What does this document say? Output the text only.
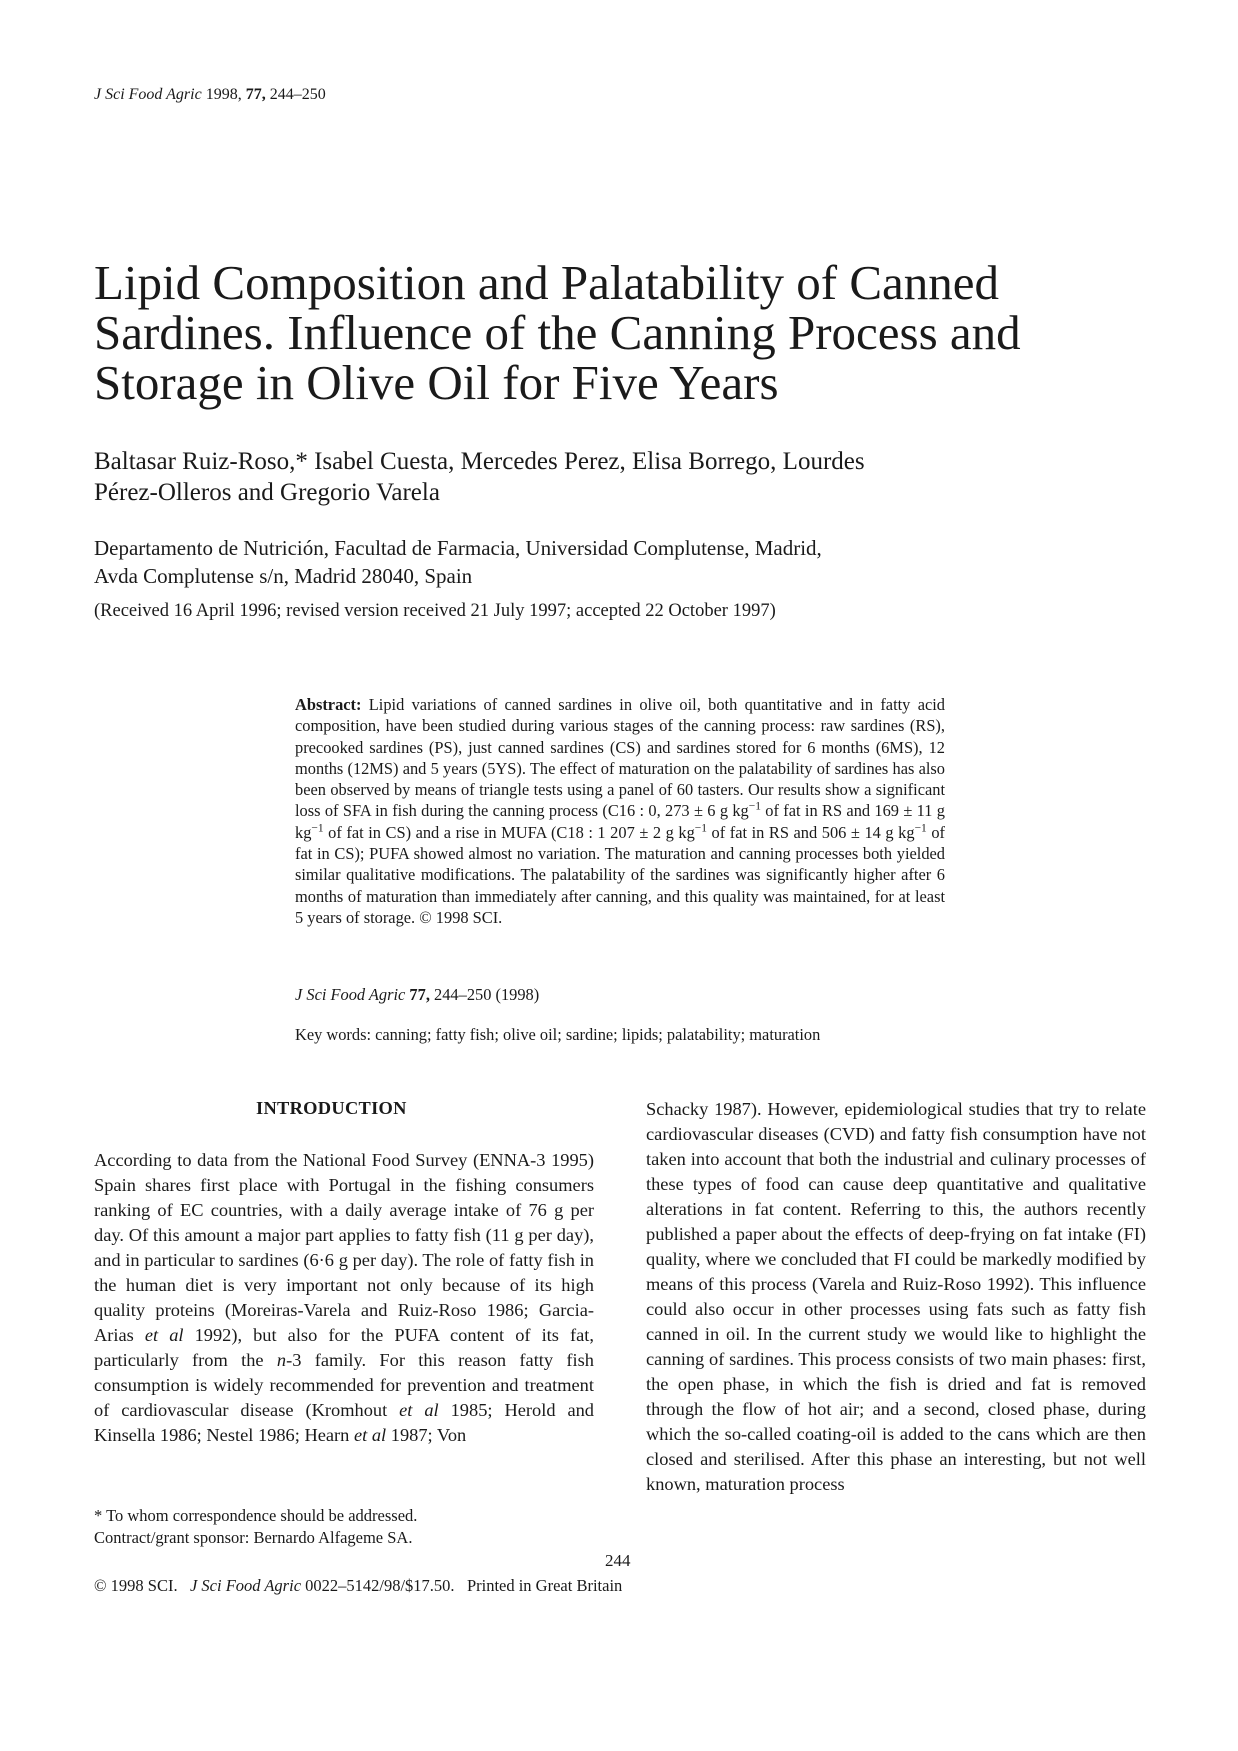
J Sci Food Agric 1998, 77, 244–250
Lipid Composition and Palatability of Canned
Sardines. Influence of the Canning Process and
Storage in Olive Oil for Five Years
Baltasar Ruiz-Roso,* Isabel Cuesta, Mercedes Perez, Elisa Borrego, Lourdes
Pérez-Olleros and Gregorio Varela
Departamento de Nutrición, Facultad de Farmacia, Universidad Complutense, Madrid,
Avda Complutense s/n, Madrid 28040, Spain
(Received 16 April 1996; revised version received 21 July 1997; accepted 22 October 1997)
Abstract: Lipid variations of canned sardines in olive oil, both quantitative and in fatty acid composition, have been studied during various stages of the canning process: raw sardines (RS), precooked sardines (PS), just canned sardines (CS) and sardines stored for 6 months (6MS), 12 months (12MS) and 5 years (5YS). The effect of maturation on the palatability of sardines has also been observed by means of triangle tests using a panel of 60 tasters. Our results show a significant loss of SFA in fish during the canning process (C16 : 0, 273 ± 6 g $kg^{-1}$ of fat in RS and 169 ± 11 g $kg^{-1}$ of fat in CS) and a rise in MUFA (C18 : 1 207 ± 2 g $kg^{-1}$ of fat in RS and 506 ± 14 g $kg^{-1}$ of fat in CS); PUFA showed almost no variation. The maturation and canning processes both yielded similar qualitative modifications. The palatability of the sardines was significantly higher after 6 months of maturation than immediately after canning, and this quality was maintained, for at least 5 years of storage. © 1998 SCI.
J Sci Food Agric 77, 244–250 (1998)
Key words: canning; fatty fish; olive oil; sardine; lipids; palatability; maturation
INTRODUCTION

According to data from the National Food Survey (ENNA-3 1995) Spain shares first place with Portugal in the fishing consumers ranking of EC countries, with a daily average intake of 76 g per day. Of this amount a major part applies to fatty fish (11 g per day), and in particular to sardines (6·6 g per day). The role of fatty fish in the human diet is very important not only because of its high quality proteins (Moreiras-Varela and Ruiz-Roso 1986; Garcia-Arias et al 1992), but also for the PUFA content of its fat, particularly from the n-3 family. For this reason fatty fish consumption is widely recommended for prevention and treatment of cardiovascular disease (Kromhout et al 1985; Herold and Kinsella 1986; Nestel 1986; Hearn et al 1987; Von

Schacky 1987). However, epidemiological studies that try to relate cardiovascular diseases (CVD) and fatty fish consumption have not taken into account that both the industrial and culinary processes of these types of food can cause deep quantitative and qualitative alterations in fat content. Referring to this, the authors recently published a paper about the effects of deep-frying on fat intake (FI) quality, where we concluded that FI could be markedly modified by means of this process (Varela and Ruiz-Roso 1992). This influence could also occur in other processes using fats such as fatty fish canned in oil. In the current study we would like to highlight the canning of sardines. This process consists of two main phases: first, the open phase, in which the fish is dried and fat is removed through the flow of hot air; and a second, closed phase, during which the so-called coating-oil is added to the cans which are then closed and sterilised. After this phase an interesting, but not well known, maturation process

* To whom correspondence should be addressed.
Contract/grant sponsor: Bernardo Alfageme SA.
244
© 1998 SCI. J Sci Food Agric 0022–5142/98/$17.50. Printed in Great Britain
